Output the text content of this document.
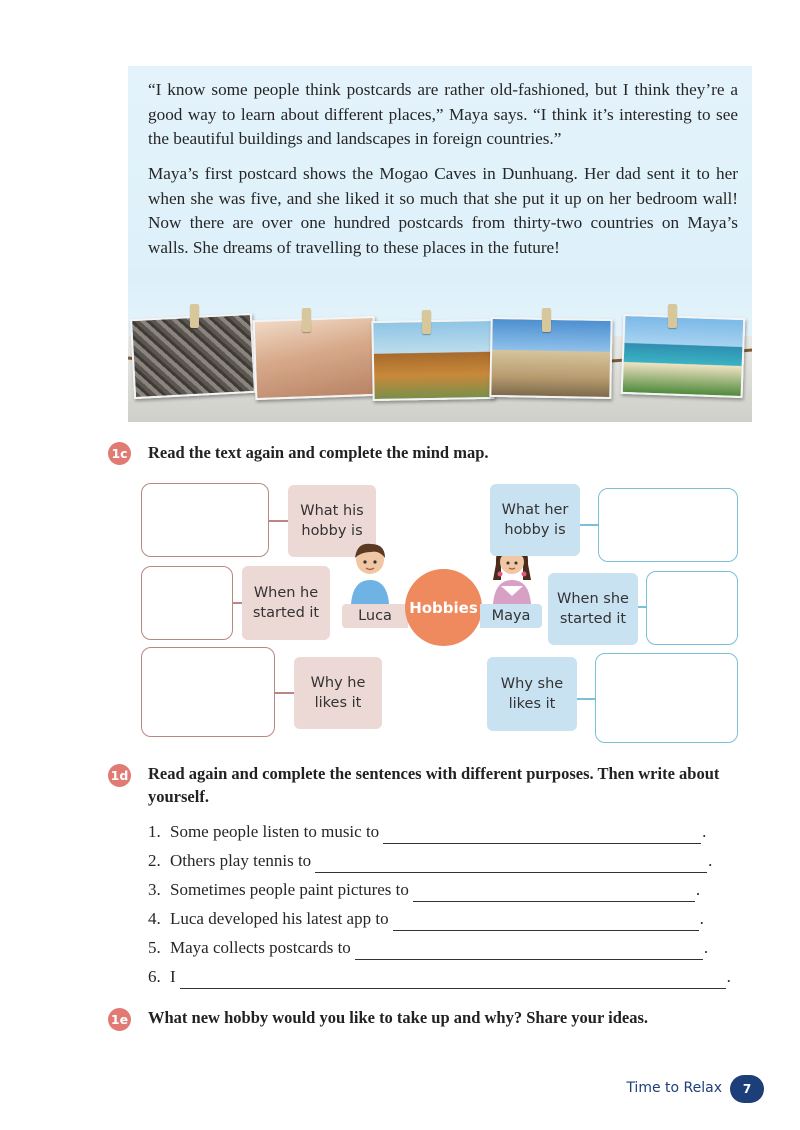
“I know some people think postcards are rather old-fashioned, but I think they’re a good way to learn about different places,” Maya says. “I think it’s interesting to see the beautiful buildings and landscapes in foreign countries.”

Maya’s first postcard shows the Mogao Caves in Dunhuang. Her dad sent it to her when she was five, and she liked it so much that she put it up on her bedroom wall! Now there are over one hundred postcards from thirty-two countries on Maya’s walls. She dreams of travelling to these places in the future!

1c Read the text again and complete the mind map.
What his hobby is
When he started it
Why he likes it
Luca	Hobbies Maya
What her hobby is
When she started it
Why she likes it
1d Read again and complete the sentences with different purposes. Then write about yourself.
1. Some people listen to music to	.
2. Others play tennis to	.
3. Sometimes people paint pictures to	.
4. Luca developed his latest app to	.
5. Maya collects postcards to	.
6. I	.
1e What new hobby would you like to take up and why? Share your ideas.
Time to Relax	7
